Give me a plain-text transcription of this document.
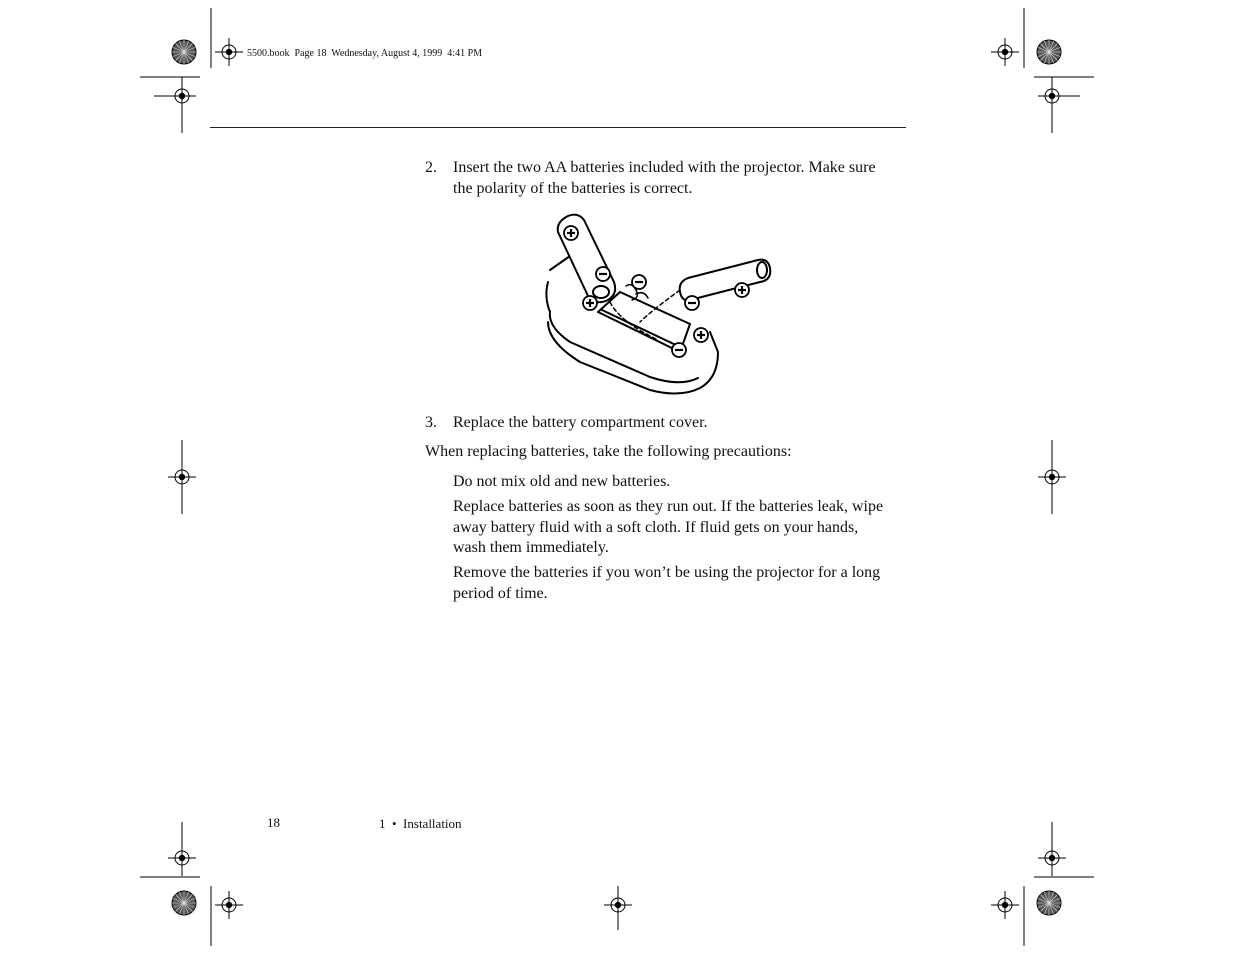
5500.book  Page 18  Wednesday, August 4, 1999  4:41 PM
2. Insert the two AA batteries included with the projector. Make sure the polarity of the batteries is correct.
3. Replace the battery compartment cover.
When replacing batteries, take the following precautions:
Do not mix old and new batteries.
Replace batteries as soon as they run out. If the batteries leak, wipe away battery fluid with a soft cloth. If fluid gets on your hands, wash them immediately.
Remove the batteries if you won’t be using the projector for a long period of time.
18	1  •  Installation
